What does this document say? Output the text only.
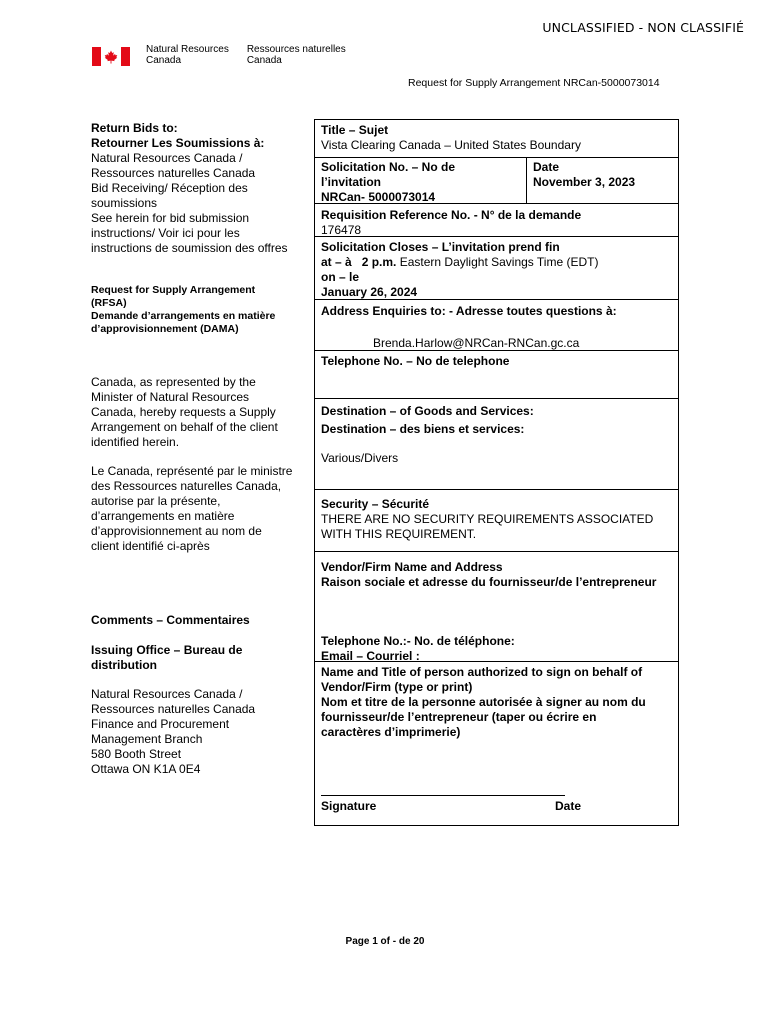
UNCLASSIFIED - NON CLASSIFIÉ
Natural Resources
Canada
Ressources naturelles
Canada
Request for Supply Arrangement NRCan-5000073014
Return Bids to:
Retourner Les Soumissions à:
Natural Resources Canada /
Ressources naturelles Canada
Bid Receiving/ Réception des
soumissions
See herein for bid submission
instructions/ Voir ici pour les
instructions de soumission des offres
Request for Supply Arrangement
(RFSA)
Demande d’arrangements en matière
d’approvisionnement (DAMA)
Canada, as represented by the
Minister of Natural Resources
Canada, hereby requests a Supply
Arrangement on behalf of the client
identified herein.
Le Canada, représenté par le ministre
des Ressources naturelles Canada,
autorise par la présente,
d’arrangements en matière
d’approvisionnement au nom de
client identifié ci-après
Comments – Commentaires
Issuing Office – Bureau de
distribution
Natural Resources Canada /
Ressources naturelles Canada
Finance and Procurement
Management Branch
580 Booth Street
Ottawa ON K1A 0E4
Title – Sujet
Vista Clearing Canada – United States Boundary
Solicitation No. – No de
l’invitation
NRCan- 5000073014
Date
November 3, 2023
Requisition Reference No. - N° de la demande
176478
Solicitation Closes – L’invitation prend fin
at – à 2 p.m. Eastern Daylight Savings Time (EDT)
on – le
January 26, 2024
Address Enquiries to: - Adresse toutes questions à:
Brenda.Harlow@NRCan-RNCan.gc.ca
Telephone No. – No de telephone
Destination – of Goods and Services:
Destination – des biens et services:
Various/Divers
Security – Sécurité
THERE ARE NO SECURITY REQUIREMENTS ASSOCIATED
WITH THIS REQUIREMENT.
Vendor/Firm Name and Address
Raison sociale et adresse du fournisseur/de l’entrepreneur
Telephone No.:- No. de téléphone:
Email – Courriel :
Name and Title of person authorized to sign on behalf of
Vendor/Firm (type or print)
Nom et titre de la personne autorisée à signer au nom du
fournisseur/de l’entrepreneur (taper ou écrire en
caractères d’imprimerie)
Signature	Date
Page 1 of - de 20
